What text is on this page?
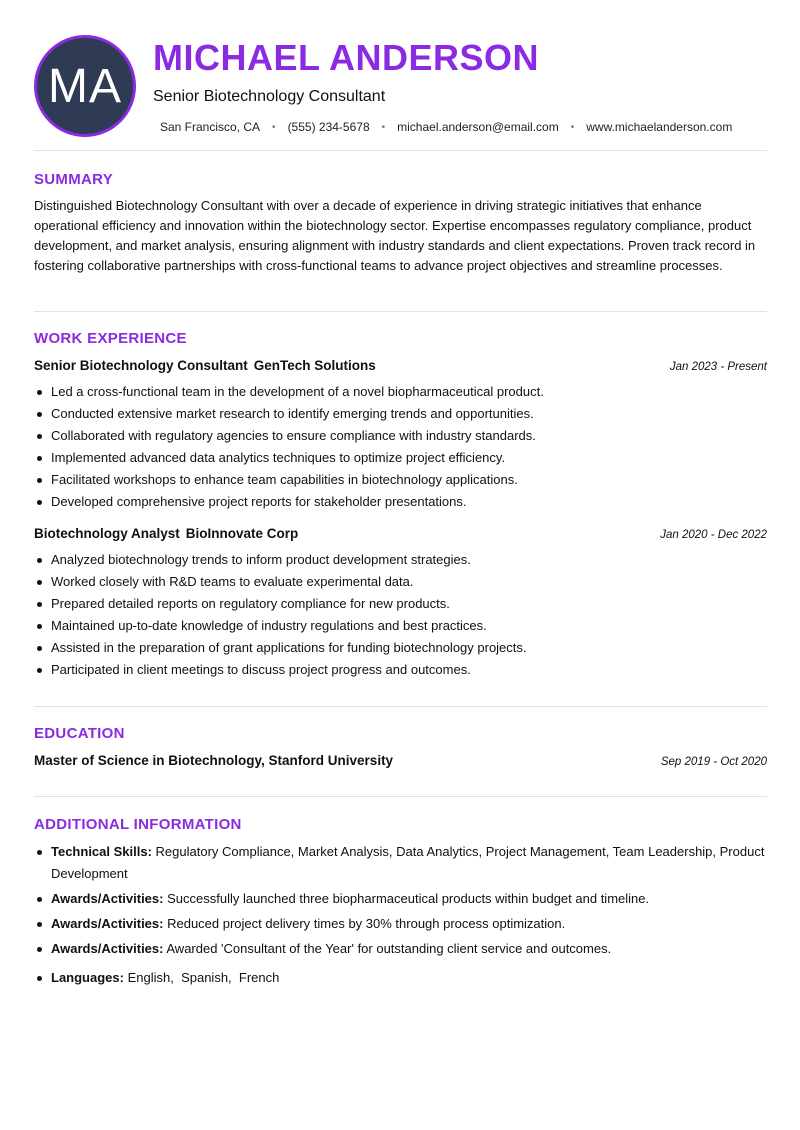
MA
MICHAEL ANDERSON
Senior Biotechnology Consultant
San Francisco, CA • (555) 234-5678 • michael.anderson@email.com • www.michaelanderson.com
SUMMARY

Distinguished Biotechnology Consultant with over a decade of experience in driving strategic initiatives that enhance operational efficiency and innovation within the biotechnology sector. Expertise encompasses regulatory compliance, product development, and market analysis, ensuring alignment with industry standards and client expectations. Proven track record in fostering collaborative partnerships with cross-functional teams to advance project objectives and streamline processes.

WORK EXPERIENCE
Senior Biotechnology Consultant GenTech Solutions	Jan 2023 - Present
Led a cross-functional team in the development of a novel biopharmaceutical product.
Conducted extensive market research to identify emerging trends and opportunities.
Collaborated with regulatory agencies to ensure compliance with industry standards.
Implemented advanced data analytics techniques to optimize project efficiency.
Facilitated workshops to enhance team capabilities in biotechnology applications.
Developed comprehensive project reports for stakeholder presentations.
Biotechnology Analyst BioInnovate Corp	Jan 2020 - Dec 2022
Analyzed biotechnology trends to inform product development strategies.
Worked closely with R&D teams to evaluate experimental data.
Prepared detailed reports on regulatory compliance for new products.
Maintained up-to-date knowledge of industry regulations and best practices.
Assisted in the preparation of grant applications for funding biotechnology projects.
Participated in client meetings to discuss project progress and outcomes.
EDUCATION
Master of Science in Biotechnology, Stanford University	Sep 2019 - Oct 2020
ADDITIONAL INFORMATION
Technical Skills: Regulatory Compliance, Market Analysis, Data Analytics, Project Management, Team Leadership, Product Development
Awards/Activities: Successfully launched three biopharmaceutical products within budget and timeline.
Awards/Activities: Reduced project delivery times by 30% through process optimization.
Awards/Activities: Awarded 'Consultant of the Year' for outstanding client service and outcomes.
Languages: English,  Spanish,  French
